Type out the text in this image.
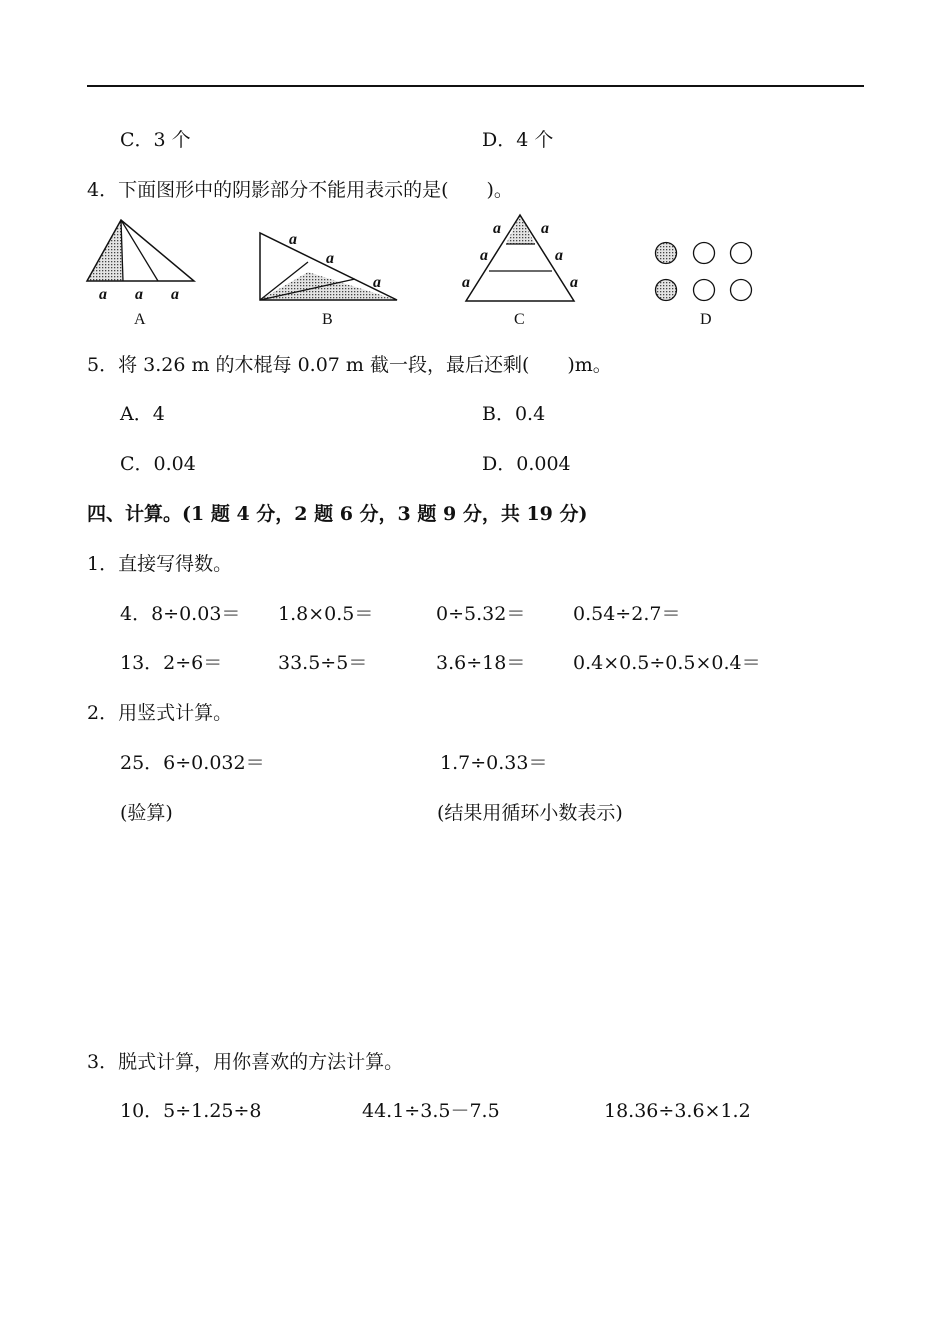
C．3 个	D．4 个
4．下面图形中的阴影部分不能用表示的是(　　)。
a a a
a
a
a
a	a
a	a
a	a
A	B	C	D
5．将 3.26 m 的木棍每 0.07 m 截一段，最后还剩(　　)m。
A．4	B．0.4
C．0.04	D．0.004
四、计算。(1 题 4 分，2 题 6 分，3 题 9 分，共 19 分)
1．直接写得数。
4．8÷0.03＝ 1.8×0.5＝	0÷5.32＝	0.54÷2.7＝
13．2÷6＝	33.5÷5＝	3.6÷18＝	0.4×0.5÷0.5×0.4＝
2．用竖式计算。
25．6÷0.032＝	1.7÷0.33＝
(验算)	(结果用循环小数表示)
3．脱式计算，用你喜欢的方法计算。
10．5÷1.25÷8	44.1÷3.5－7.5	18.36÷3.6×1.2
